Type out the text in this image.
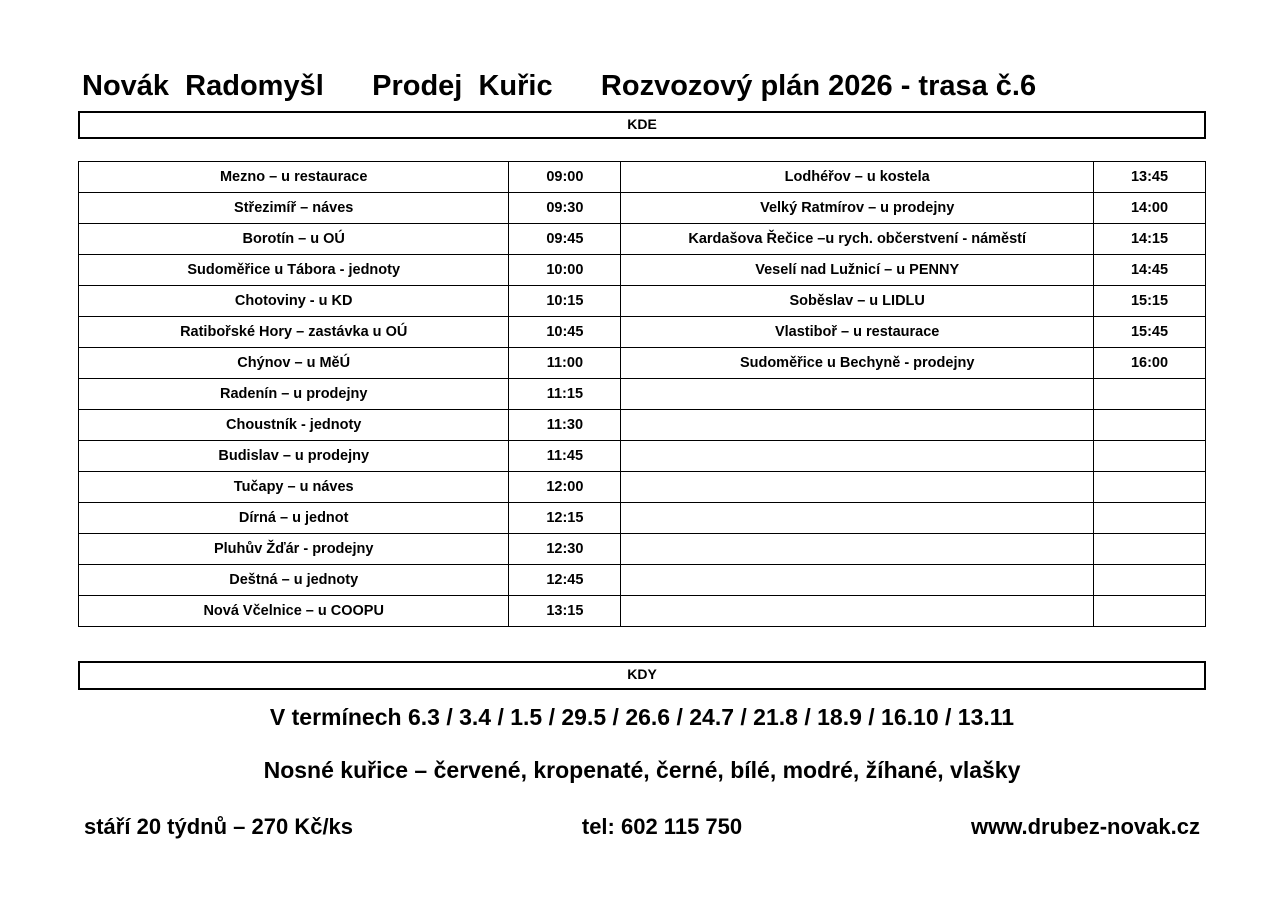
Novák  Radomyšl      Prodej  Kuřic      Rozvozový plán 2026 - trasa č.6
KDE
Mezno – u restaurace	09:00	Lodhéřov – u kostela	13:45
Střezimíř – náves	09:30	Velký Ratmírov – u prodejny	14:00
Borotín – u OÚ	09:45	Kardašova Řečice –u rych. občerstvení - náměstí	14:15
Sudoměřice u Tábora - jednoty	10:00	Veselí nad Lužnicí – u PENNY	14:45
Chotoviny - u KD	10:15	Soběslav – u LIDLU	15:15
Ratibořské Hory – zastávka u OÚ	10:45	Vlastiboř – u restaurace	15:45
Chýnov – u MěÚ	11:00	Sudoměřice u Bechyně - prodejny	16:00
Radenín – u prodejny	11:15		
Choustník - jednoty	11:30		
Budislav – u prodejny	11:45		
Tučapy – u náves	12:00		
Dírná – u jednot	12:15		
Pluhův Žďár - prodejny	12:30		
Deštná – u jednoty	12:45		
Nová Včelnice – u COOPU	13:15		
KDY
V termínech 6.3 / 3.4 / 1.5 / 29.5 / 26.6 / 24.7 / 21.8 / 18.9 / 16.10 / 13.11
Nosné kuřice – červené, kropenaté, černé, bílé, modré, žíhané, vlašky
stáří 20 týdnů – 270 Kč/ks	tel: 602 115 750	www.drubez-novak.cz
